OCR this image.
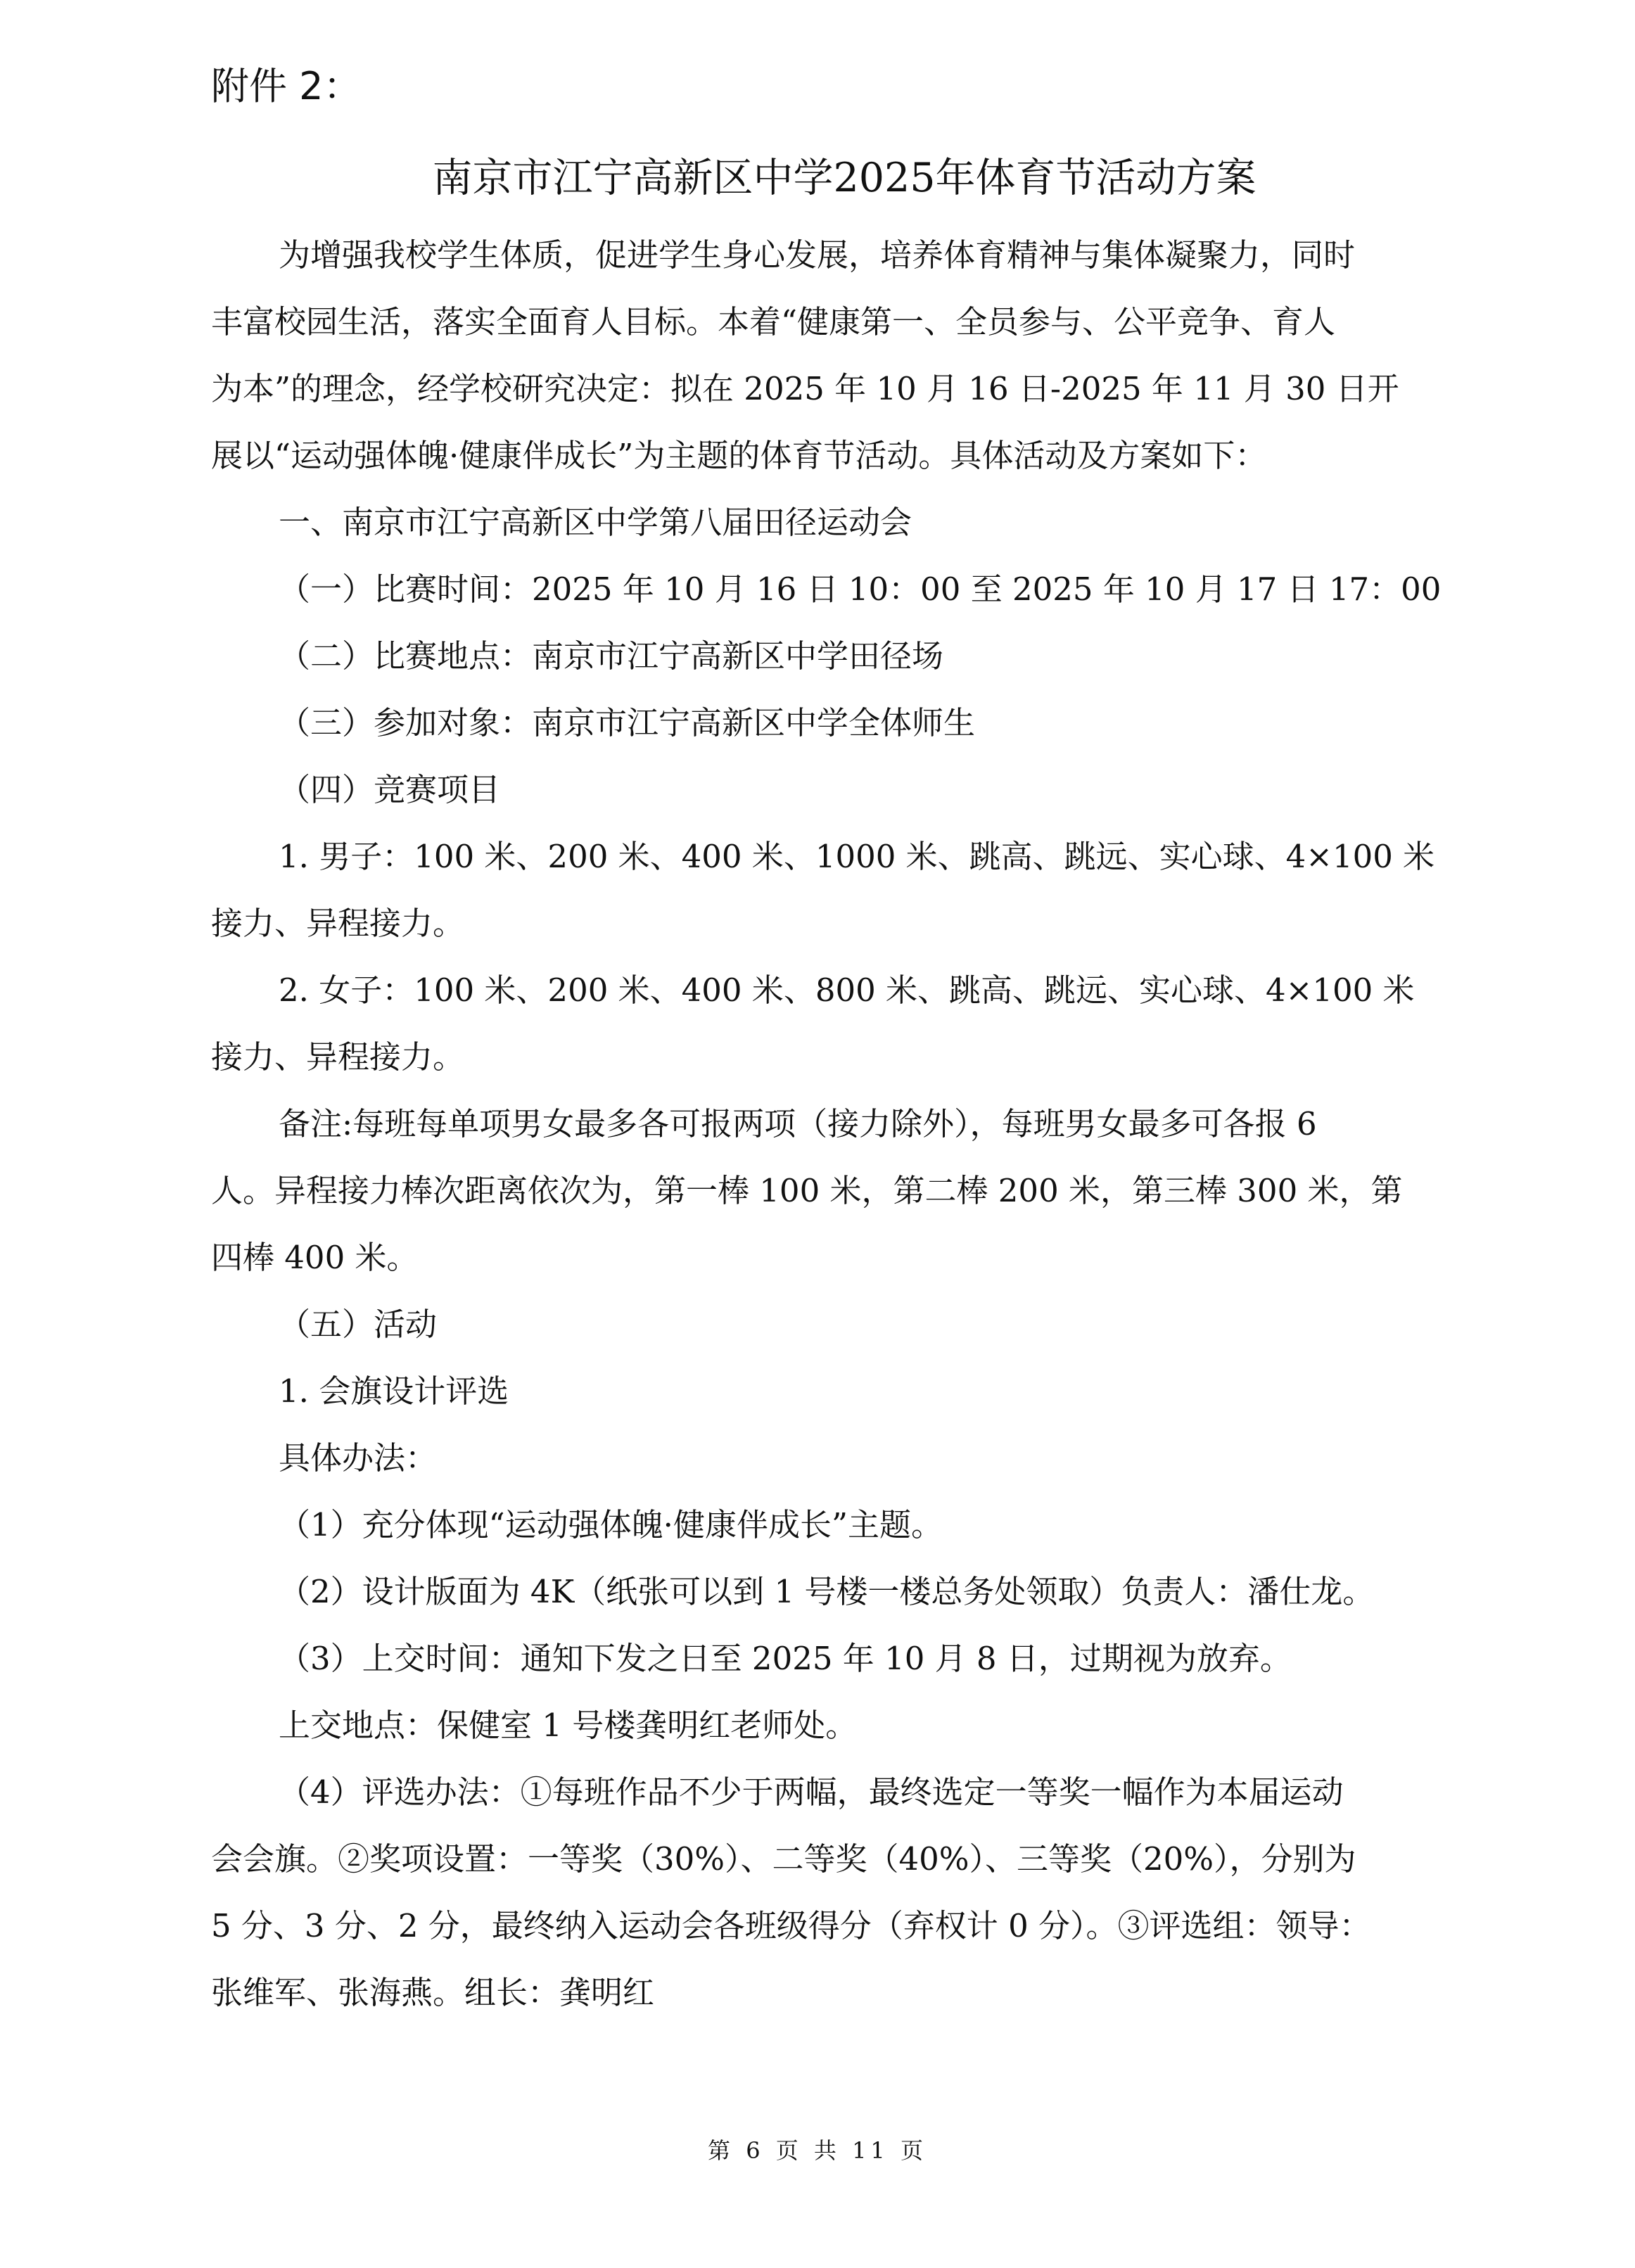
附件 2：
南京市江宁高新区中学2025年体育节活动方案

为增强我校学生体质，促进学生身心发展，培养体育精神与集体凝聚力，同时
丰富校园生活，落实全面育人目标。本着“健康第一、全员参与、公平竞争、育人
为本”的理念，经学校研究决定：拟在 2025 年 10 月 16 日-2025 年 11 月 30 日开
展以“运动强体魄·健康伴成长”为主题的体育节活动。具体活动及方案如下：

一、南京市江宁高新区中学第八届田径运动会

（一）比赛时间：2025 年 10 月 16 日 10：00 至 2025 年 10 月 17 日 17：00

（二）比赛地点：南京市江宁高新区中学田径场

（三）参加对象：南京市江宁高新区中学全体师生

（四）竞赛项目

1. 男子：100 米、200 米、400 米、1000 米、跳高、跳远、实心球、4×100 米
接力、异程接力。

2. 女子：100 米、200 米、400 米、800 米、跳高、跳远、实心球、4×100 米
接力、异程接力。

备注:每班每单项男女最多各可报两项（接力除外），每班男女最多可各报 6
人。异程接力棒次距离依次为，第一棒 100 米，第二棒 200 米，第三棒 300 米，第
四棒 400 米。

（五）活动

1. 会旗设计评选

具体办法：

（1）充分体现“运动强体魄·健康伴成长”主题。

（2）设计版面为 4K（纸张可以到 1 号楼一楼总务处领取）负责人：潘仕龙。

（3）上交时间：通知下发之日至 2025 年 10 月 8 日，过期视为放弃。

上交地点：保健室 1 号楼龚明红老师处。

（4）评选办法：①每班作品不少于两幅，最终选定一等奖一幅作为本届运动
会会旗。②奖项设置：一等奖（30%）、二等奖（40%）、三等奖（20%），分别为
5 分、3 分、2 分，最终纳入运动会各班级得分（弃权计 0 分）。③评选组：领导：
张维军、张海燕。组长：龚明红

第 6 页 共 11 页
